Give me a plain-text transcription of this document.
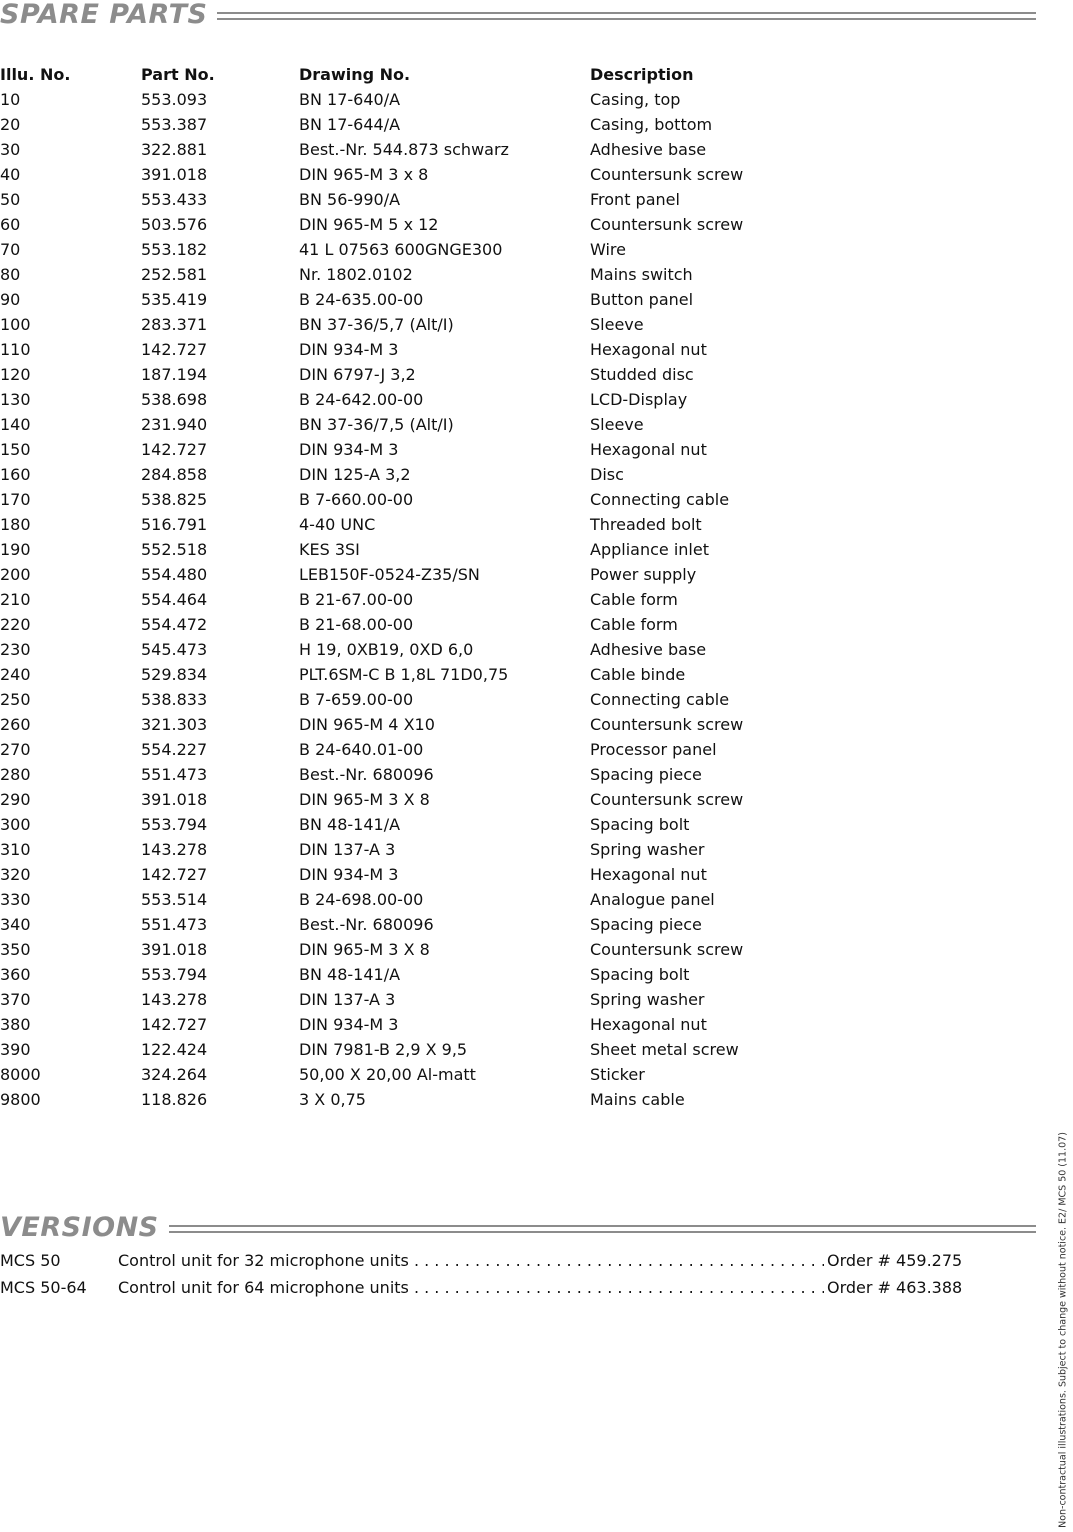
SPARE PARTS
Illu. No.	Part No.	Drawing No.	Description
10	553.093	BN 17-640/A	Casing, top
20	553.387	BN 17-644/A	Casing, bottom
30	322.881	Best.-Nr. 544.873 schwarz	Adhesive base
40	391.018	DIN 965-M 3 x 8	Countersunk screw
50	553.433	BN 56-990/A	Front panel
60	503.576	DIN 965-M 5 x 12	Countersunk screw
70	553.182	41 L 07563 600GNGE300	Wire
80	252.581	Nr. 1802.0102	Mains switch
90	535.419	B 24-635.00-00	Button panel
100	283.371	BN 37-36/5,7 (Alt/I)	Sleeve
110	142.727	DIN 934-M 3	Hexagonal nut
120	187.194	DIN 6797-J 3,2	Studded disc
130	538.698	B 24-642.00-00	LCD-Display
140	231.940	BN 37-36/7,5 (Alt/I)	Sleeve
150	142.727	DIN 934-M 3	Hexagonal nut
160	284.858	DIN 125-A 3,2	Disc
170	538.825	B 7-660.00-00	Connecting cable
180	516.791	4-40 UNC	Threaded bolt
190	552.518	KES 3SI	Appliance inlet
200	554.480	LEB150F-0524-Z35/SN	Power supply
210	554.464	B 21-67.00-00	Cable form
220	554.472	B 21-68.00-00	Cable form
230	545.473	H 19, 0XB19, 0XD 6,0	Adhesive base
240	529.834	PLT.6SM-C B 1,8L 71D0,75	Cable binde
250	538.833	B 7-659.00-00	Connecting cable
260	321.303	DIN 965-M 4 X10	Countersunk screw
270	554.227	B 24-640.01-00	Processor panel
280	551.473	Best.-Nr. 680096	Spacing piece
290	391.018	DIN 965-M 3 X 8	Countersunk screw
300	553.794	BN 48-141/A	Spacing bolt
310	143.278	DIN 137-A 3	Spring washer
320	142.727	DIN 934-M 3	Hexagonal nut
330	553.514	B 24-698.00-00	Analogue panel
340	551.473	Best.-Nr. 680096	Spacing piece
350	391.018	DIN 965-M 3 X 8	Countersunk screw
360	553.794	BN 48-141/A	Spacing bolt
370	143.278	DIN 137-A 3	Spring washer
380	142.727	DIN 934-M 3	Hexagonal nut
390	122.424	DIN 7981-B 2,9 X 9,5	Sheet metal screw
8000	324.264	50,00 X 20,00 Al-matt	Sticker
9800	118.826	3 X 0,75	Mains cable
VERSIONS
MCS 50	Control unit for 32 microphone units . . .	Order # 459.275
MCS 50-64 Control unit for 64 microphone units . . .	Order # 463.388	Non-contractual illustrations. Subject to change without notice. E2/ MCS 50 (11.07)
